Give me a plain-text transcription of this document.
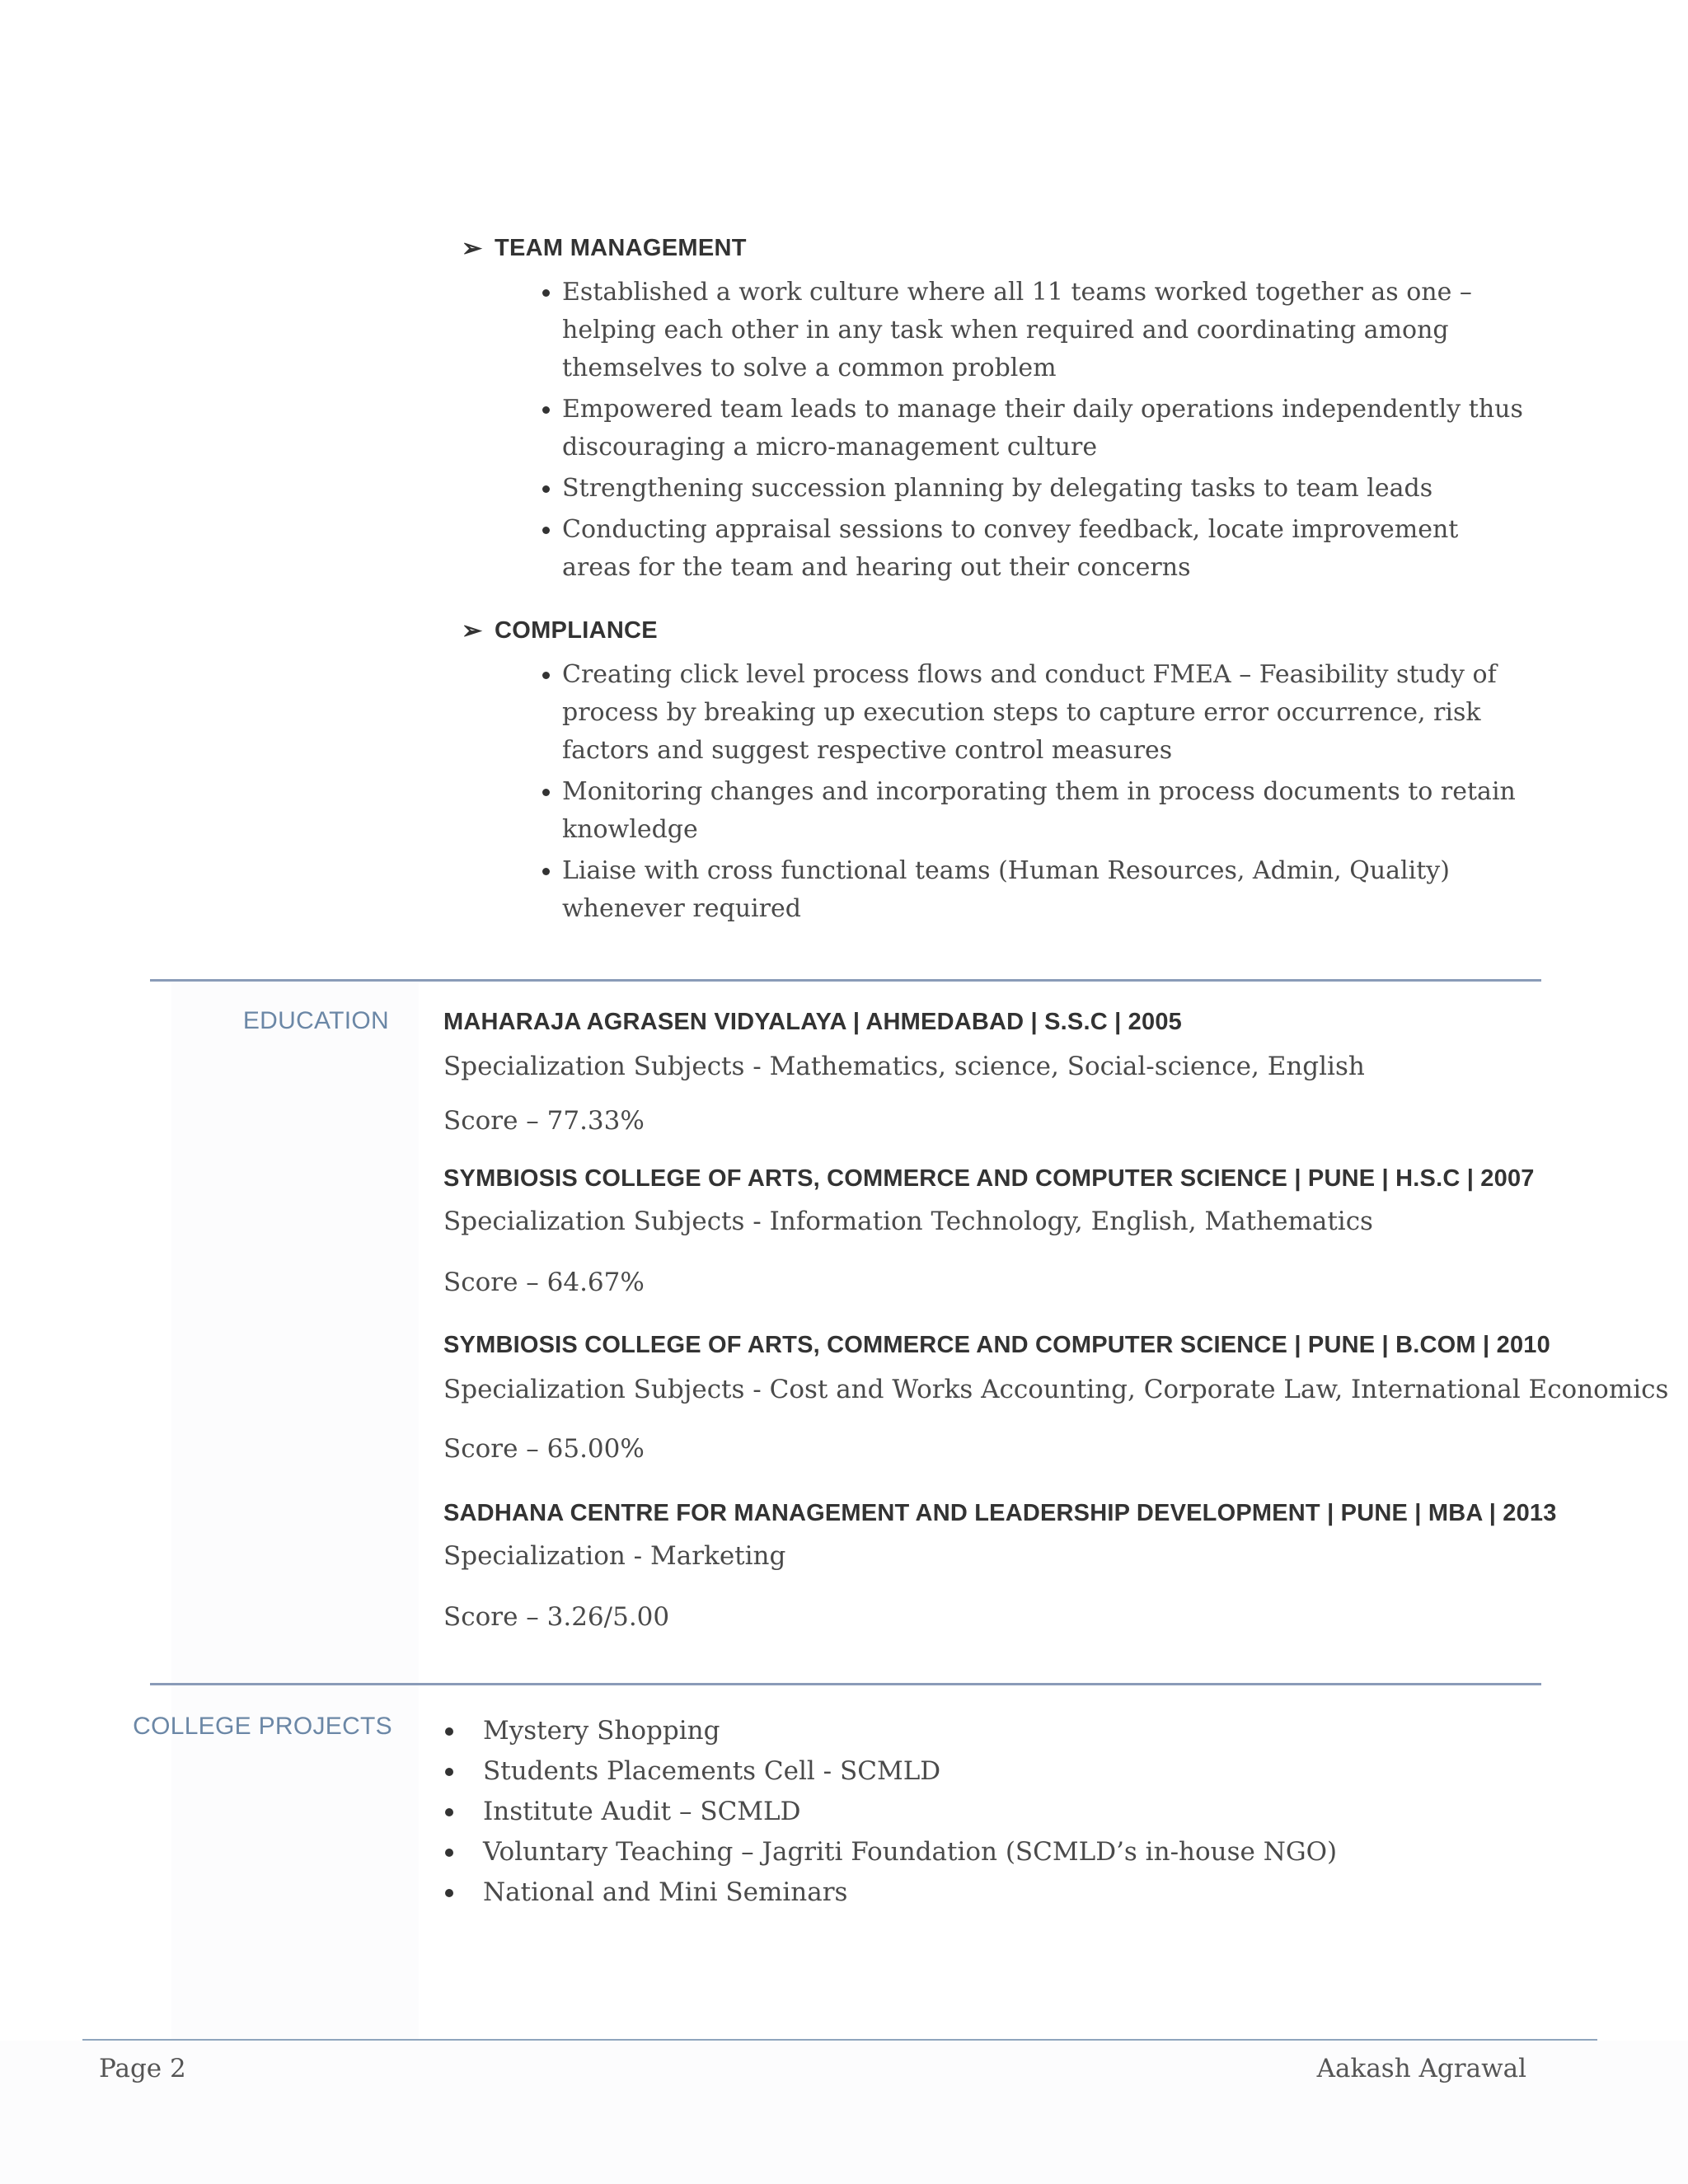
➢ TEAM MANAGEMENT
Established a work culture where all 11 teams worked together as one – helping each other in any task when required and coordinating among themselves to solve a common problem
Empowered team leads to manage their daily operations independently thus discouraging a micro-management culture
Strengthening succession planning by delegating tasks to team leads
Conducting appraisal sessions to convey feedback, locate improvement areas for the team and hearing out their concerns
➢ COMPLIANCE
Creating click level process flows and conduct FMEA – Feasibility study of process by breaking up execution steps to capture error occurrence, risk factors and suggest respective control measures
Monitoring changes and incorporating them in process documents to retain knowledge
Liaise with cross functional teams (Human Resources, Admin, Quality) whenever required
EDUCATION MAHARAJA AGRASEN VIDYALAYA | AHMEDABAD | S.S.C | 2005
Specialization Subjects - Mathematics, science, Social-science, English
Score – 77.33%
SYMBIOSIS COLLEGE OF ARTS, COMMERCE AND COMPUTER SCIENCE | PUNE | H.S.C | 2007
Specialization Subjects - Information Technology, English, Mathematics
Score – 64.67%
SYMBIOSIS COLLEGE OF ARTS, COMMERCE AND COMPUTER SCIENCE | PUNE | B.COM | 2010
Specialization Subjects - Cost and Works Accounting, Corporate Law, International Economics
Score – 65.00%
SADHANA CENTRE FOR MANAGEMENT AND LEADERSHIP DEVELOPMENT | PUNE | MBA | 2013
Specialization - Marketing
Score – 3.26/5.00
COLLEGE PROJECTS	Mystery Shopping
Students Placements Cell - SCMLD
Institute Audit – SCMLD
Voluntary Teaching – Jagriti Foundation (SCMLD’s in-house NGO)
National and Mini Seminars
Page 2	Aakash Agrawal
